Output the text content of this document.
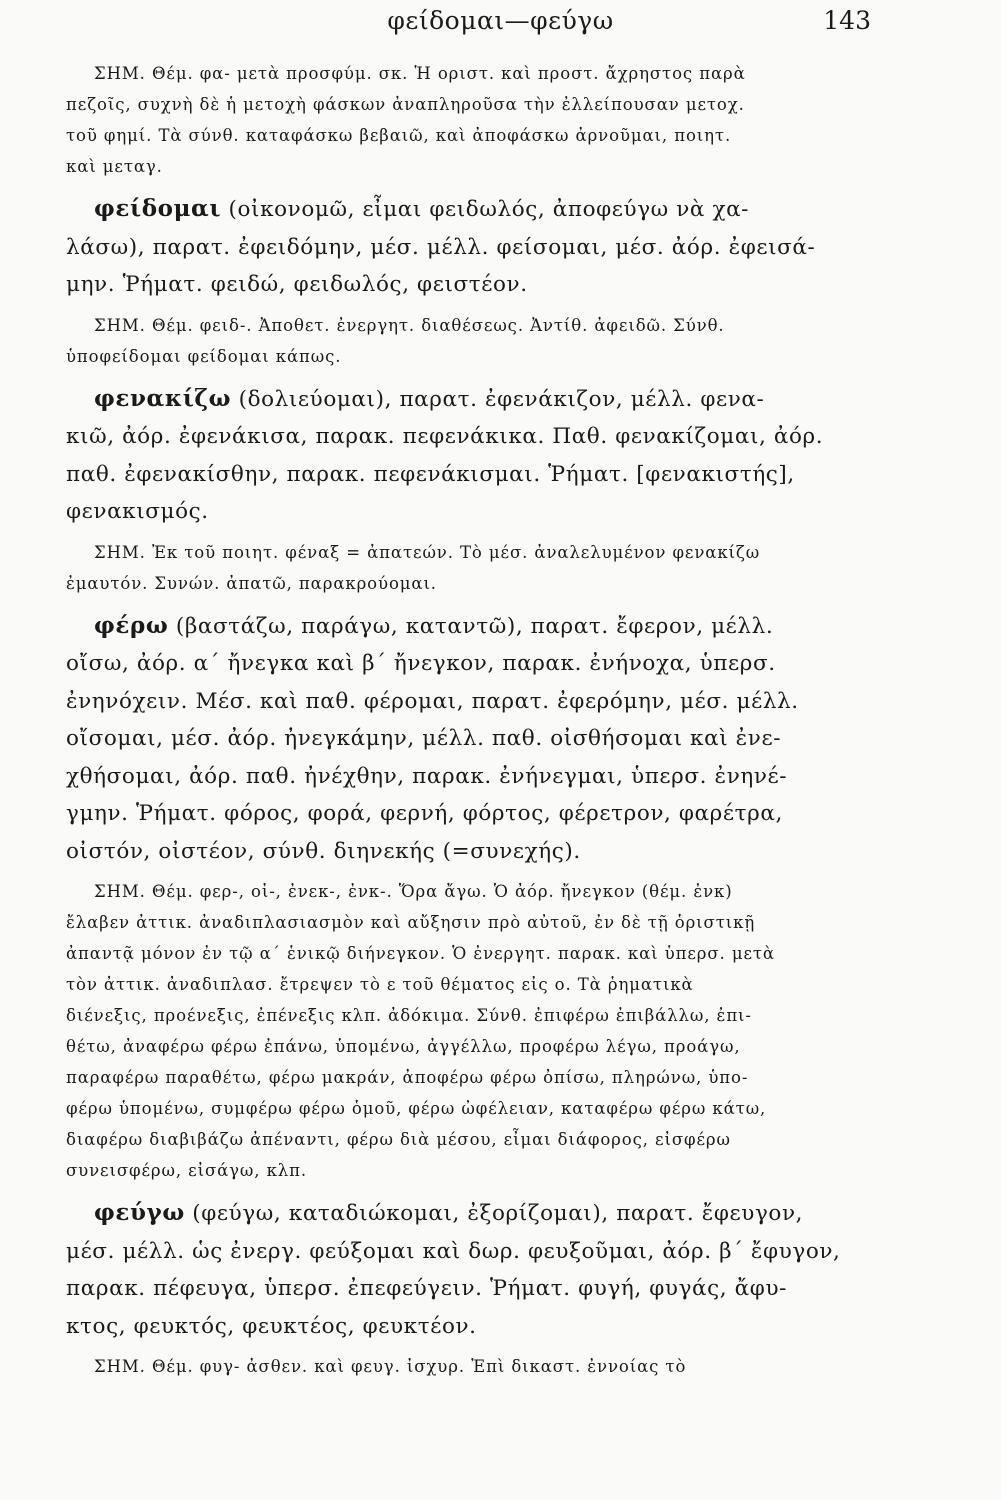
φείδομαι—φεύγω	143
ΣΗΜ. Θέμ. φα- μετὰ προσφύμ. σκ. Ἡ οριστ. καὶ προστ. ἄχρηστος παρὰ
πεζοῖς, συχνὴ δὲ ἡ μετοχὴ φάσκων ἀναπληροῦσα τὴν ἐλλείπουσαν μετοχ.
τοῦ φημί. Τὰ σύνθ. καταφάσκω βεβαιῶ, καὶ ἀποφάσκω ἀρνοῦμαι, ποιητ.
καὶ μεταγ.
φείδομαι (οἰκονομῶ, εἶμαι φειδωλός, ἀποφεύγω νὰ χα-
λάσω), παρατ. ἐφειδόμην, μέσ. μέλλ. φείσομαι, μέσ. ἀόρ. ἐφεισά-
μην. Ῥήματ. φειδώ, φειδωλός, φειστέον.
ΣΗΜ. Θέμ. φειδ-. Ἀποθετ. ἐνεργητ. διαθέσεως. Ἀντίθ. ἀφειδῶ. Σύνθ.
ὑποφείδομαι φείδομαι κάπως.
φενακίζω (δολιεύομαι), παρατ. ἐφενάκιζον, μέλλ. φενα-
κιῶ, ἀόρ. ἐφενάκισα, παρακ. πεφενάκικα. Παθ. φενακίζομαι, ἀόρ.
παθ. ἐφενακίσθην, παρακ. πεφενάκισμαι. Ῥήματ. [φενακιστής],
φενακισμός.
ΣΗΜ. Ἐκ τοῦ ποιητ. φέναξ = ἀπατεών. Τὸ μέσ. ἀναλελυμένον φενακίζω
ἐμαυτόν. Συνών. ἀπατῶ, παρακρούομαι.
φέρω (βαστάζω, παράγω, καταντῶ), παρατ. ἔφερον, μέλλ.
οἴσω, ἀόρ. α΄ ἤνεγκα καὶ β΄ ἤνεγκον, παρακ. ἐνήνοχα, ὑπερσ.
ἐνηνόχειν. Μέσ. καὶ παθ. φέρομαι, παρατ. ἐφερόμην, μέσ. μέλλ.
οἴσομαι, μέσ. ἀόρ. ἠνεγκάμην, μέλλ. παθ. οἰσθήσομαι καὶ ἐνε-
χθήσομαι, ἀόρ. παθ. ἠνέχθην, παρακ. ἐνήνεγμαι, ὑπερσ. ἐνηνέ-
γμην. Ῥήματ. φόρος, φορά, φερνή, φόρτος, φέρετρον, φαρέτρα,
οἰστόν, οἰστέον, σύνθ. διηνεκής (=συνεχής).
ΣΗΜ. Θέμ. φερ-, οἰ-, ἐνεκ-, ἐνκ-. Ὅρα ἄγω. Ὁ ἀόρ. ἤνεγκον (θέμ. ἐνκ)
ἔλαβεν ἀττικ. ἀναδιπλασιασμὸν καὶ αὔξησιν πρὸ αὐτοῦ, ἐν δὲ τῇ ὁριστικῇ
ἀπαντᾷ μόνον ἐν τῷ α΄ ἑνικῷ διήνεγκον. Ὁ ἐνεργητ. παρακ. καὶ ὑπερσ. μετὰ
τὸν ἀττικ. ἀναδιπλασ. ἔτρεψεν τὸ ε τοῦ θέματος εἰς ο. Τὰ ῥηματικὰ
διένεξις, προένεξις, ἐπένεξις κλπ. ἀδόκιμα. Σύνθ. ἐπιφέρω ἐπιβάλλω, ἐπι-
θέτω, ἀναφέρω φέρω ἐπάνω, ὑπομένω, ἀγγέλλω, προφέρω λέγω, προάγω,
παραφέρω παραθέτω, φέρω μακράν, ἀποφέρω φέρω ὀπίσω, πληρώνω, ὑπο-
φέρω ὑπομένω, συμφέρω φέρω ὁμοῦ, φέρω ὠφέλειαν, καταφέρω φέρω κάτω,
διαφέρω διαβιβάζω ἀπέναντι, φέρω διὰ μέσου, εἶμαι διάφορος, εἰσφέρω
συνεισφέρω, εἰσάγω, κλπ.
φεύγω (φεύγω, καταδιώκομαι, ἐξορίζομαι), παρατ. ἔφευγον,
μέσ. μέλλ. ὡς ἐνεργ. φεύξομαι καὶ δωρ. φευξοῦμαι, ἀόρ. β΄ ἔφυγον,
παρακ. πέφευγα, ὑπερσ. ἐπεφεύγειν. Ῥήματ. φυγή, φυγάς, ἄφυ-
κτος, φευκτός, φευκτέος, φευκτέον.
ΣΗΜ. Θέμ. φυγ- ἀσθεν. καὶ φευγ. ἰσχυρ. Ἐπὶ δικαστ. ἐννοίας τὸ
